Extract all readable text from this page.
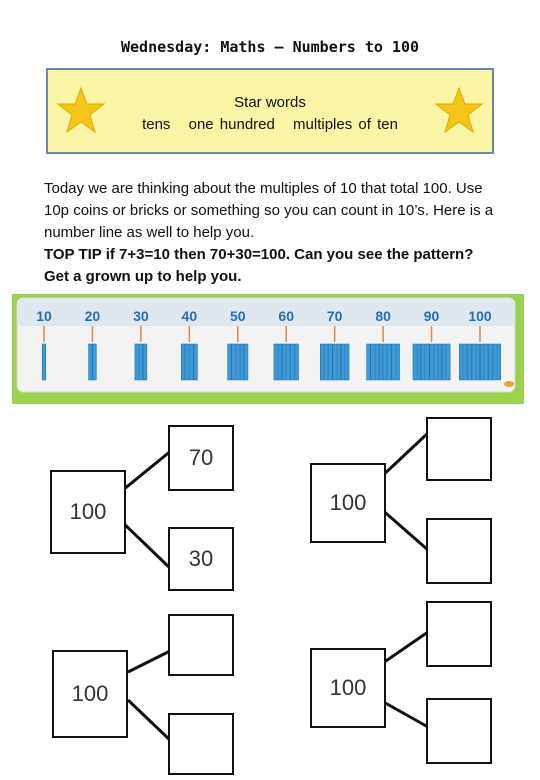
Wednesday: Maths – Numbers to 100
Star words
tens one hundred multiples of ten
Today we are thinking about the multiples of 10 that total 100. Use 10p coins or bricks or something so you can count in 10’s. Here is a number line as well to help you.
TOP TIP if 7+3=10 then 70+30=100. Can you see the pattern? Get a grown up to help you.
10 20 30 40 50 60 70 80 90 100
100
70
30
100
100	100
